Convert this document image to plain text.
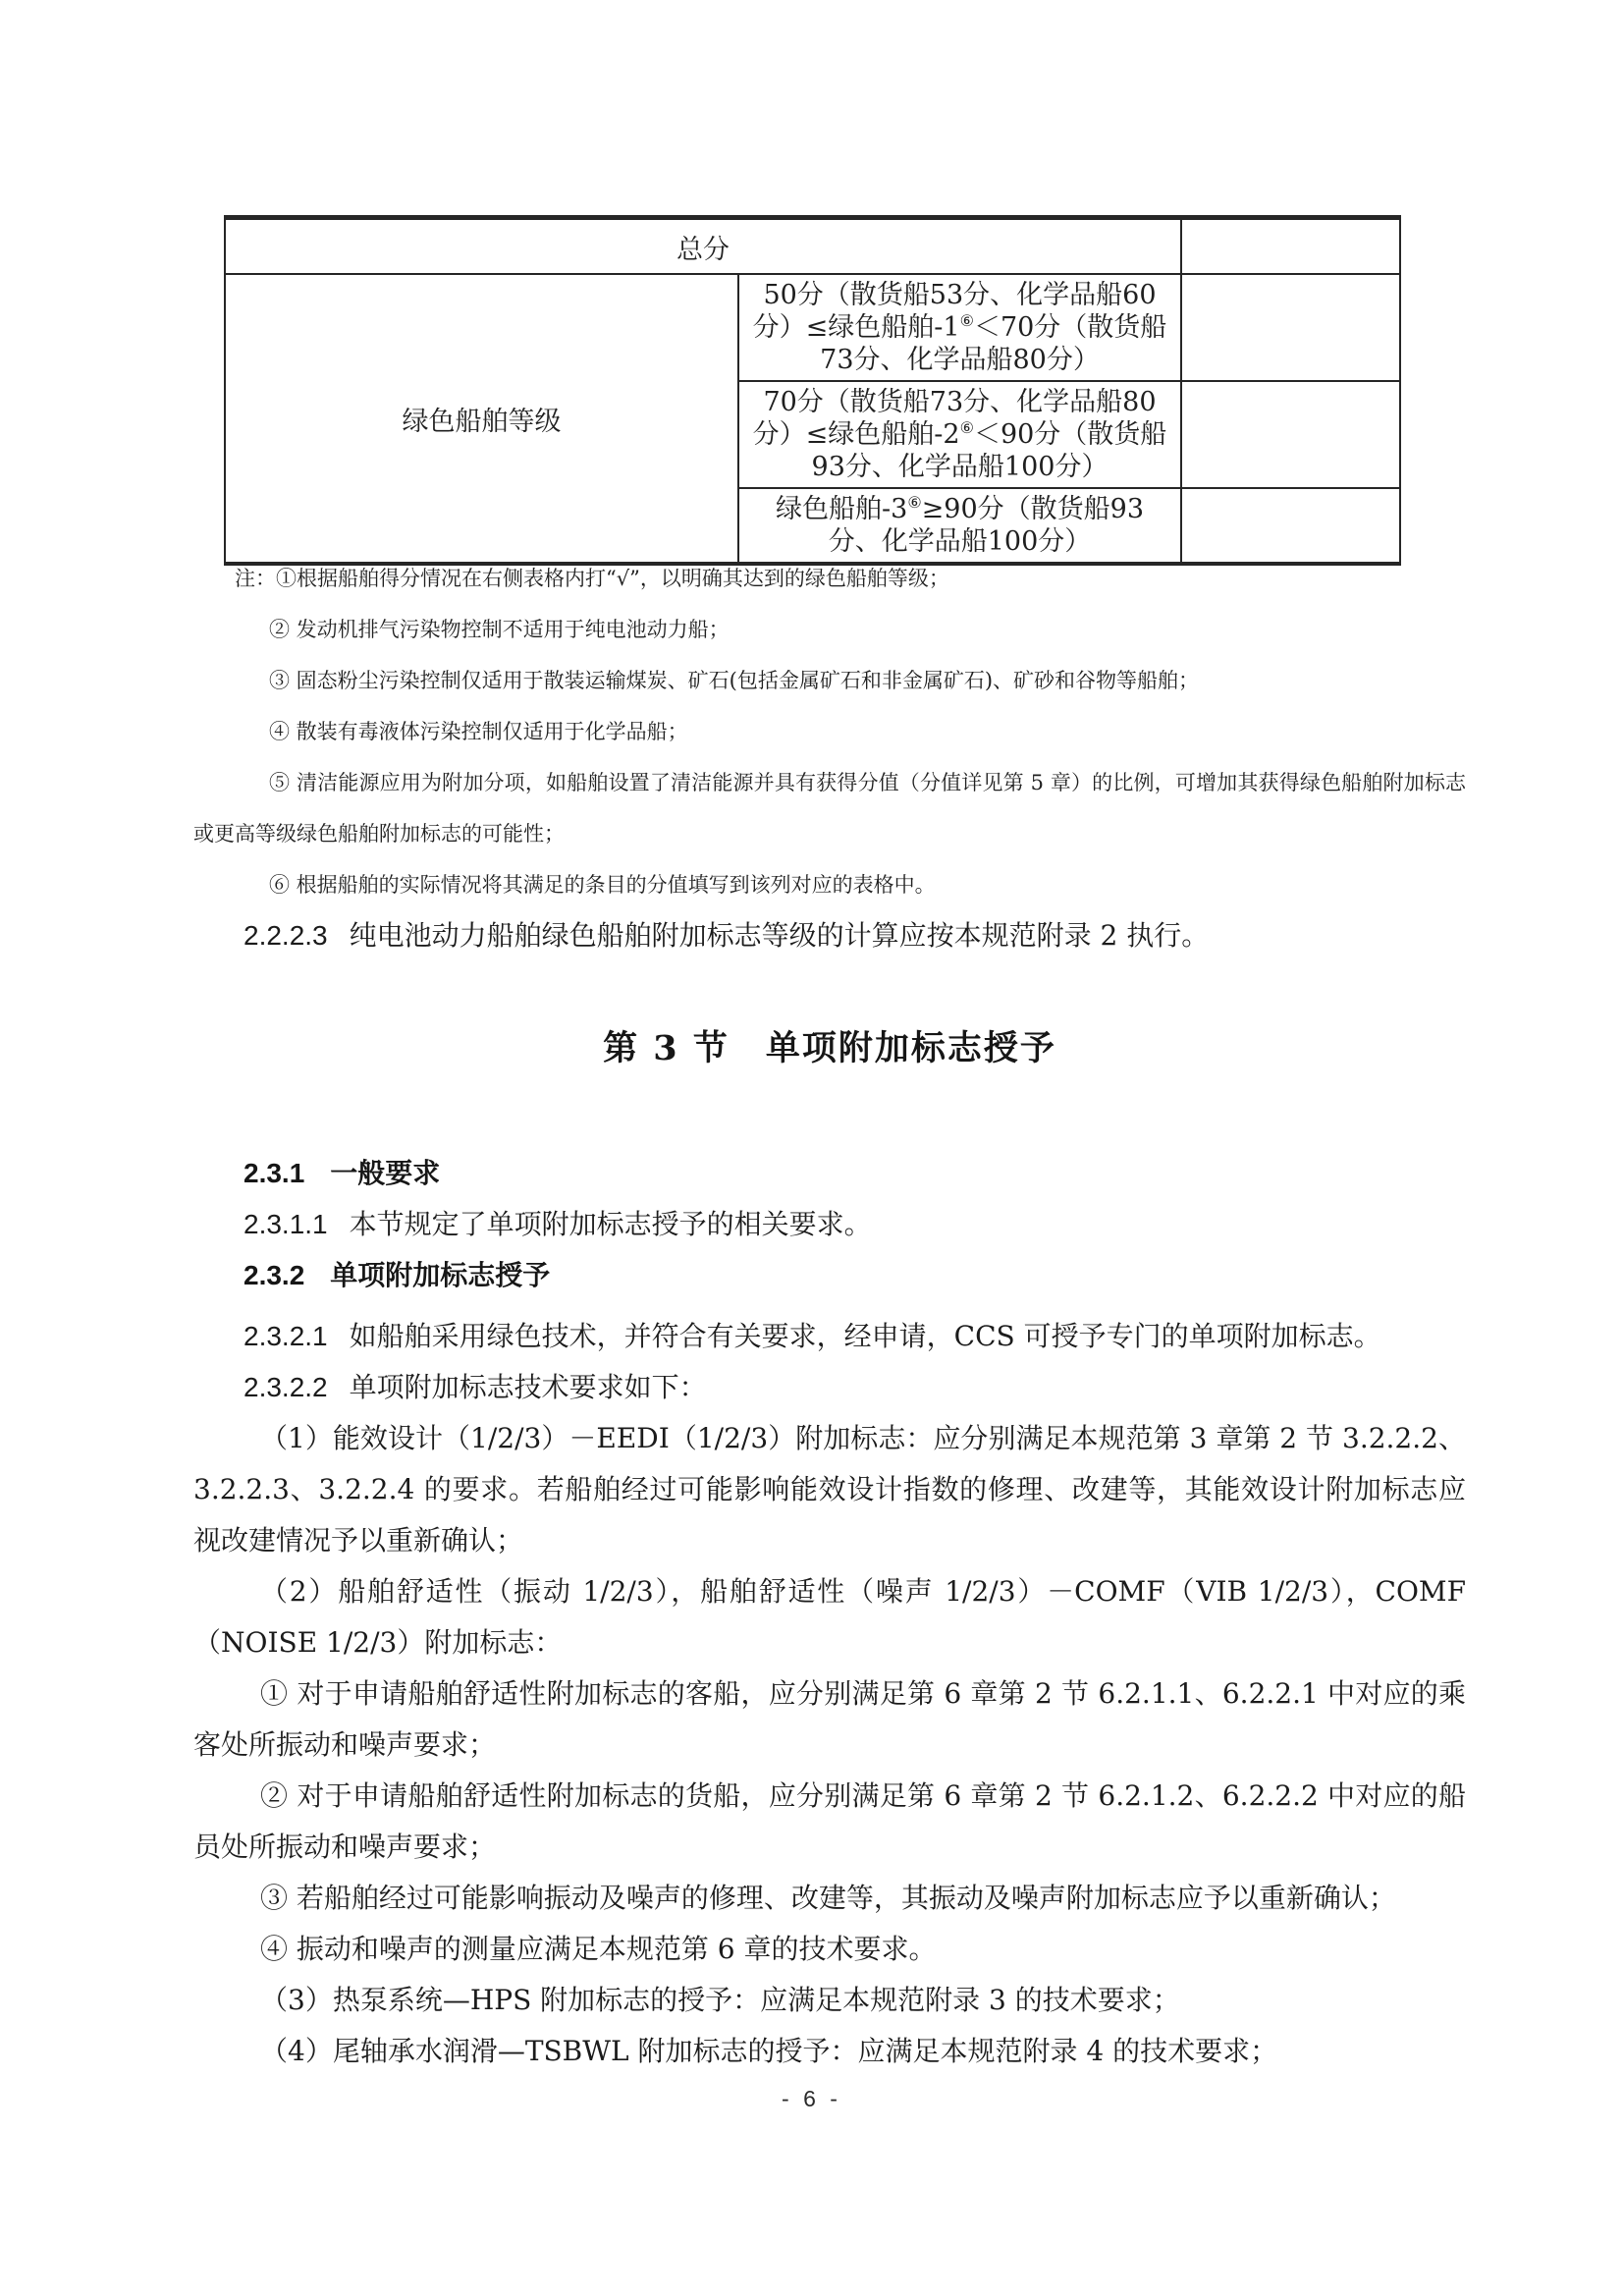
总分		
绿色船舶等级	50分（散货船53分、化学品船60分）≤绿色船舶-1⑥＜70分（散货船73分、化学品船80分）	
	70分（散货船73分、化学品船80分）≤绿色船舶-2⑥＜90分（散货船93分、化学品船100分）	
	绿色船舶-3⑥≥90分（散货船93分、化学品船100分）	

注：①根据船舶得分情况在右侧表格内打“√”，以明确其达到的绿色船舶等级；

② 发动机排气污染物控制不适用于纯电池动力船；

③ 固态粉尘污染控制仅适用于散装运输煤炭、矿石(包括金属矿石和非金属矿石)、矿砂和谷物等船舶；

④ 散装有毒液体污染控制仅适用于化学品船；

⑤ 清洁能源应用为附加分项，如船舶设置了清洁能源并具有获得分值（分值详见第 5 章）的比例，可增加其获得绿色船舶附加标志或更高等级绿色船舶附加标志的可能性；

⑥ 根据船舶的实际情况将其满足的条目的分值填写到该列对应的表格中。

2.2.2.3 纯电池动力船舶绿色船舶附加标志等级的计算应按本规范附录 2 执行。

第 3 节　单项附加标志授予

2.3.1 一般要求

2.3.1.1 本节规定了单项附加标志授予的相关要求。

2.3.2 单项附加标志授予

2.3.2.1 如船舶采用绿色技术，并符合有关要求，经申请，CCS 可授予专门的单项附加标志。

2.3.2.2 单项附加标志技术要求如下：

（1）能效设计（1/2/3）－EEDI（1/2/3）附加标志：应分别满足本规范第 3 章第 2 节 3.2.2.2、3.2.2.3、3.2.2.4 的要求。若船舶经过可能影响能效设计指数的修理、改建等，其能效设计附加标志应视改建情况予以重新确认；

（2）船舶舒适性（振动 1/2/3），船舶舒适性（噪声 1/2/3）－COMF（VIB 1/2/3），COMF（NOISE 1/2/3）附加标志：

① 对于申请船舶舒适性附加标志的客船，应分别满足第 6 章第 2 节 6.2.1.1、6.2.2.1 中对应的乘客处所振动和噪声要求；

② 对于申请船舶舒适性附加标志的货船，应分别满足第 6 章第 2 节 6.2.1.2、6.2.2.2 中对应的船员处所振动和噪声要求；

③ 若船舶经过可能影响振动及噪声的修理、改建等，其振动及噪声附加标志应予以重新确认；

④ 振动和噪声的测量应满足本规范第 6 章的技术要求。

（3）热泵系统—HPS 附加标志的授予：应满足本规范附录 3 的技术要求；

（4）尾轴承水润滑—TSBWL 附加标志的授予：应满足本规范附录 4 的技术要求；

- 6 -
